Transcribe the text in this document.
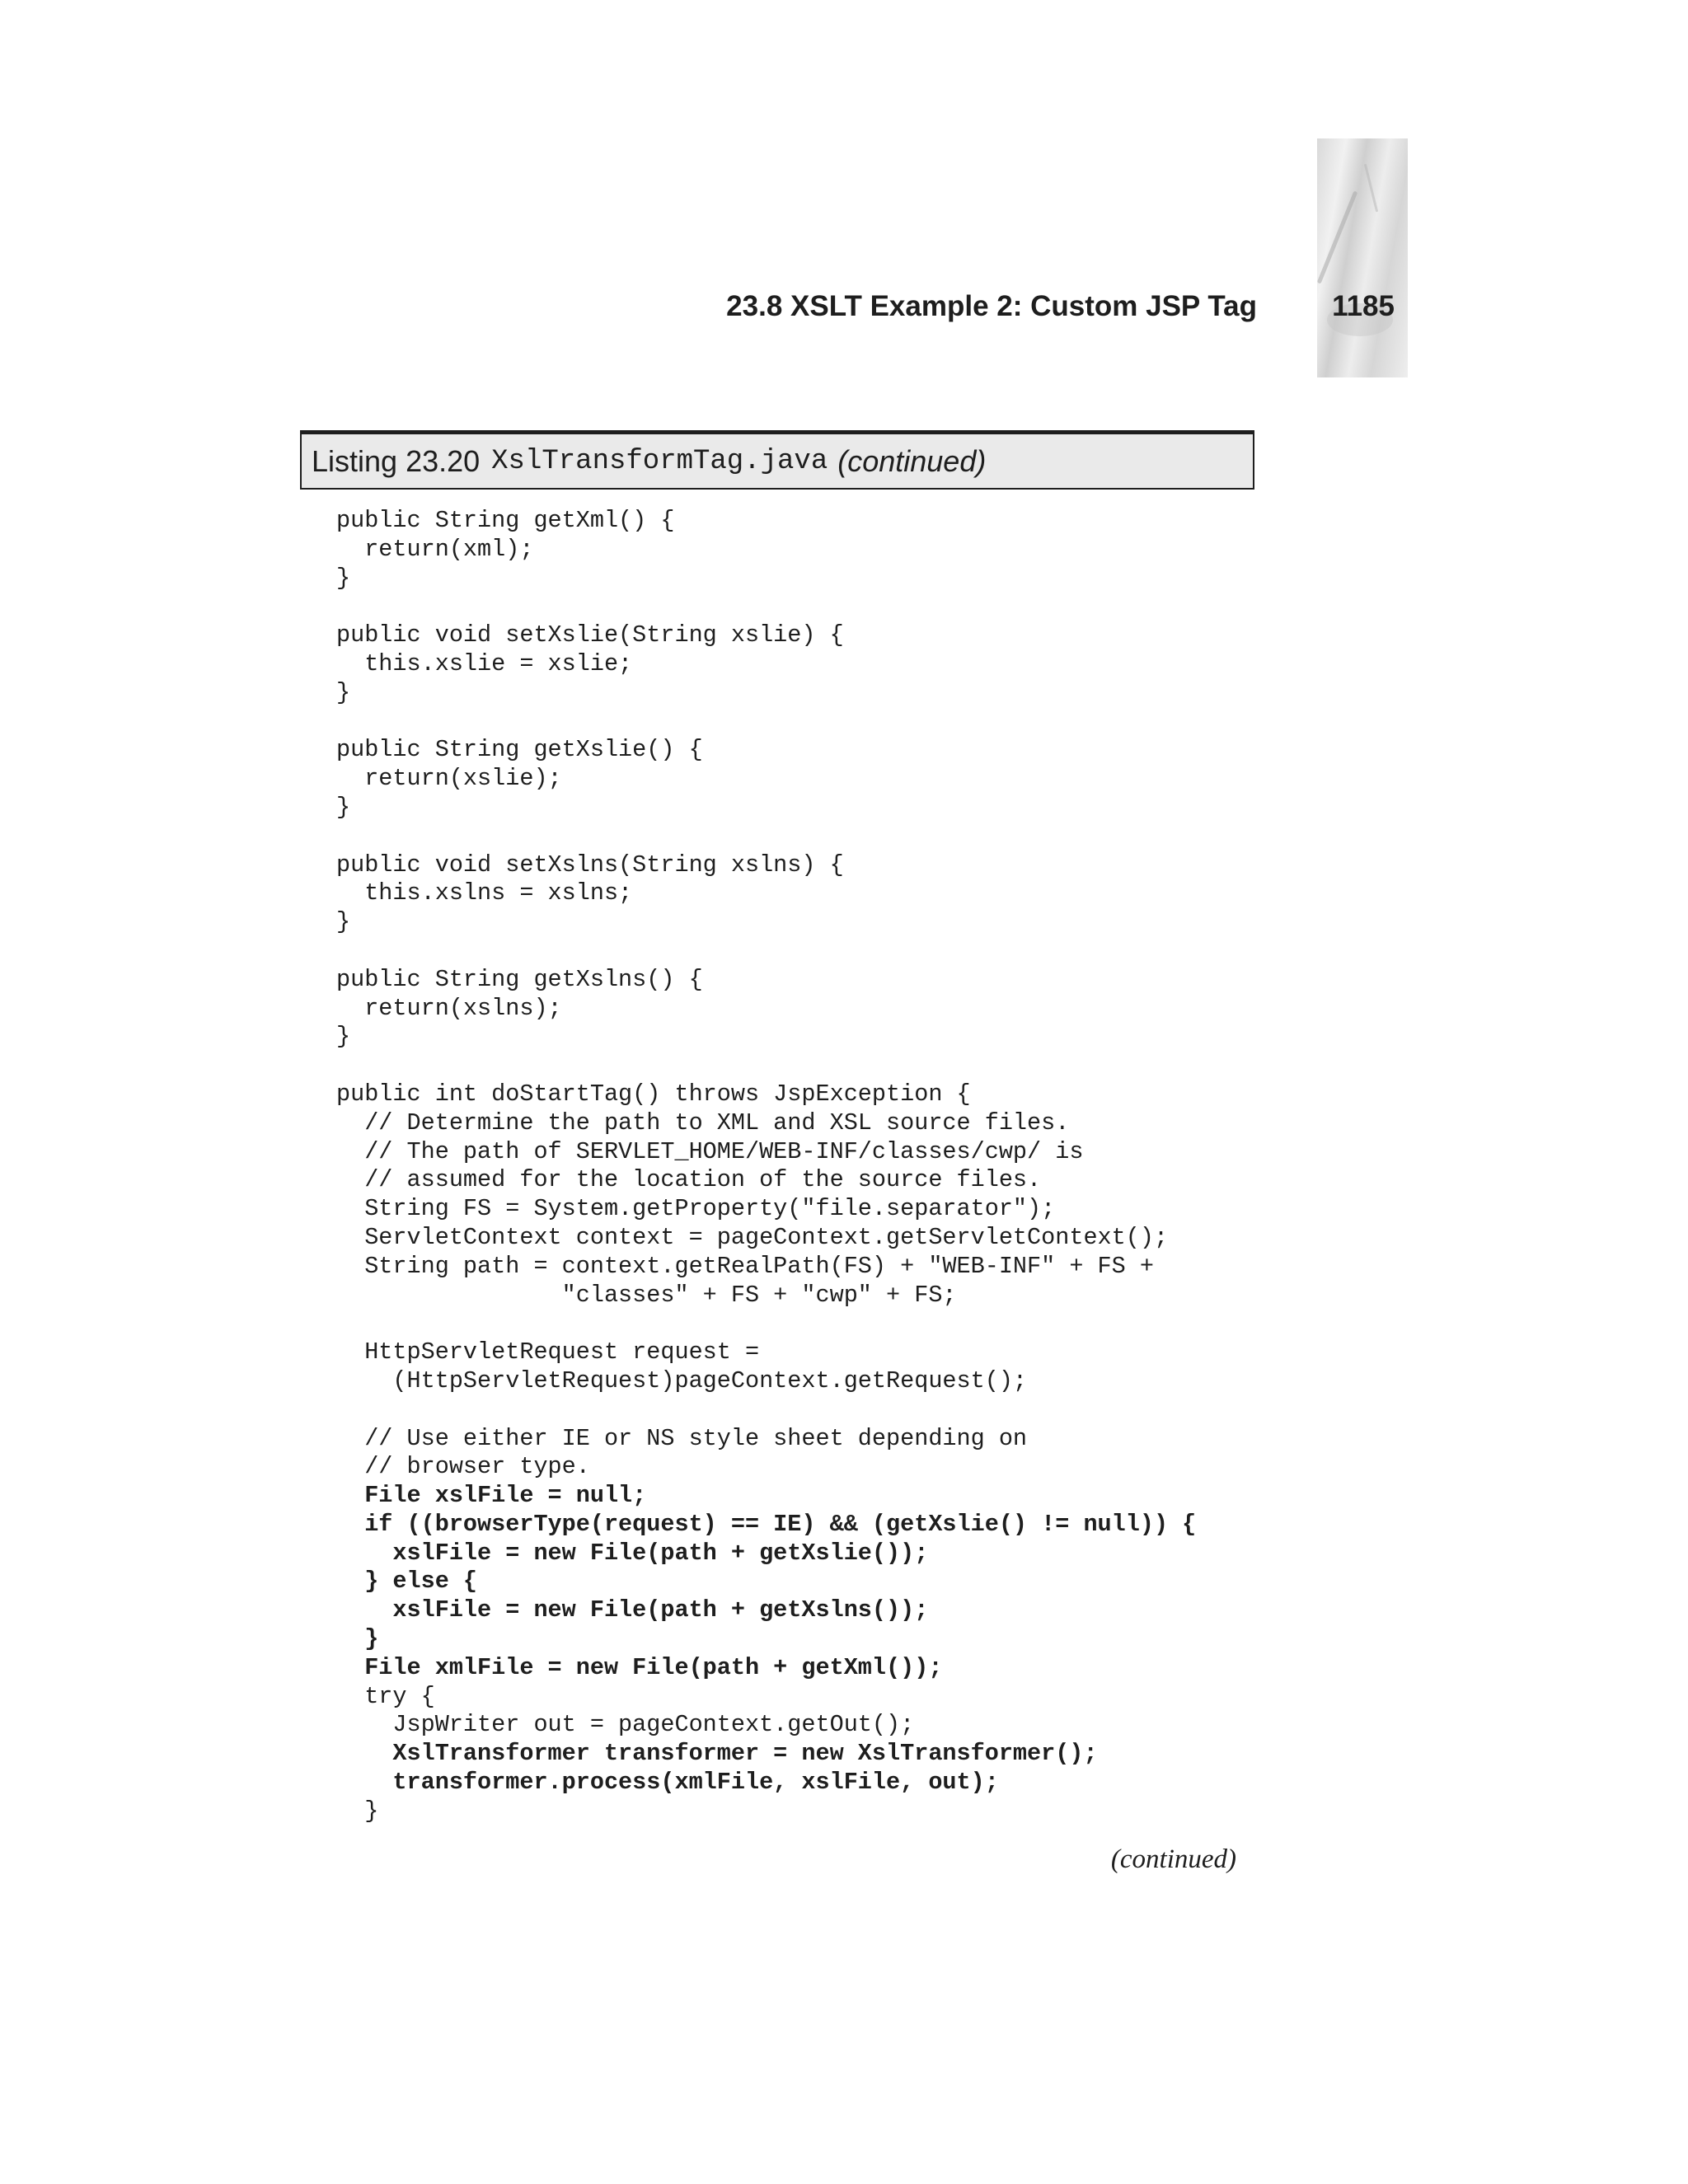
23.8 XSLT Example 2: Custom JSP Tag	1185
Listing 23.20 XslTransformTag.java (continued)
public String getXml() {
return(xml);
}
public void setXslie(String xslie) {
this.xslie = xslie;
}
public String getXslie() {
return(xslie);
}
public void setXslns(String xslns) {
this.xslns = xslns;
}
public String getXslns() {
return(xslns);
}
public int doStartTag() throws JspException {
// Determine the path to XML and XSL source files.
// The path of SERVLET_HOME/WEB-INF/classes/cwp/ is
// assumed for the location of the source files.
String FS = System.getProperty("file.separator");
ServletContext context = pageContext.getServletContext();
String path = context.getRealPath(FS) + "WEB-INF" + FS +
"classes" + FS + "cwp" + FS;
HttpServletRequest request =
(HttpServletRequest)pageContext.getRequest();
// Use either IE or NS style sheet depending on
// browser type.
File xslFile = null;
if ((browserType(request) == IE) && (getXslie() != null)) {
xslFile = new File(path + getXslie());
} else {
xslFile = new File(path + getXslns());
}
File xmlFile = new File(path + getXml());
try {
JspWriter out = pageContext.getOut();
XslTransformer transformer = new XslTransformer();
transformer.process(xmlFile, xslFile, out);
}
(continued)
